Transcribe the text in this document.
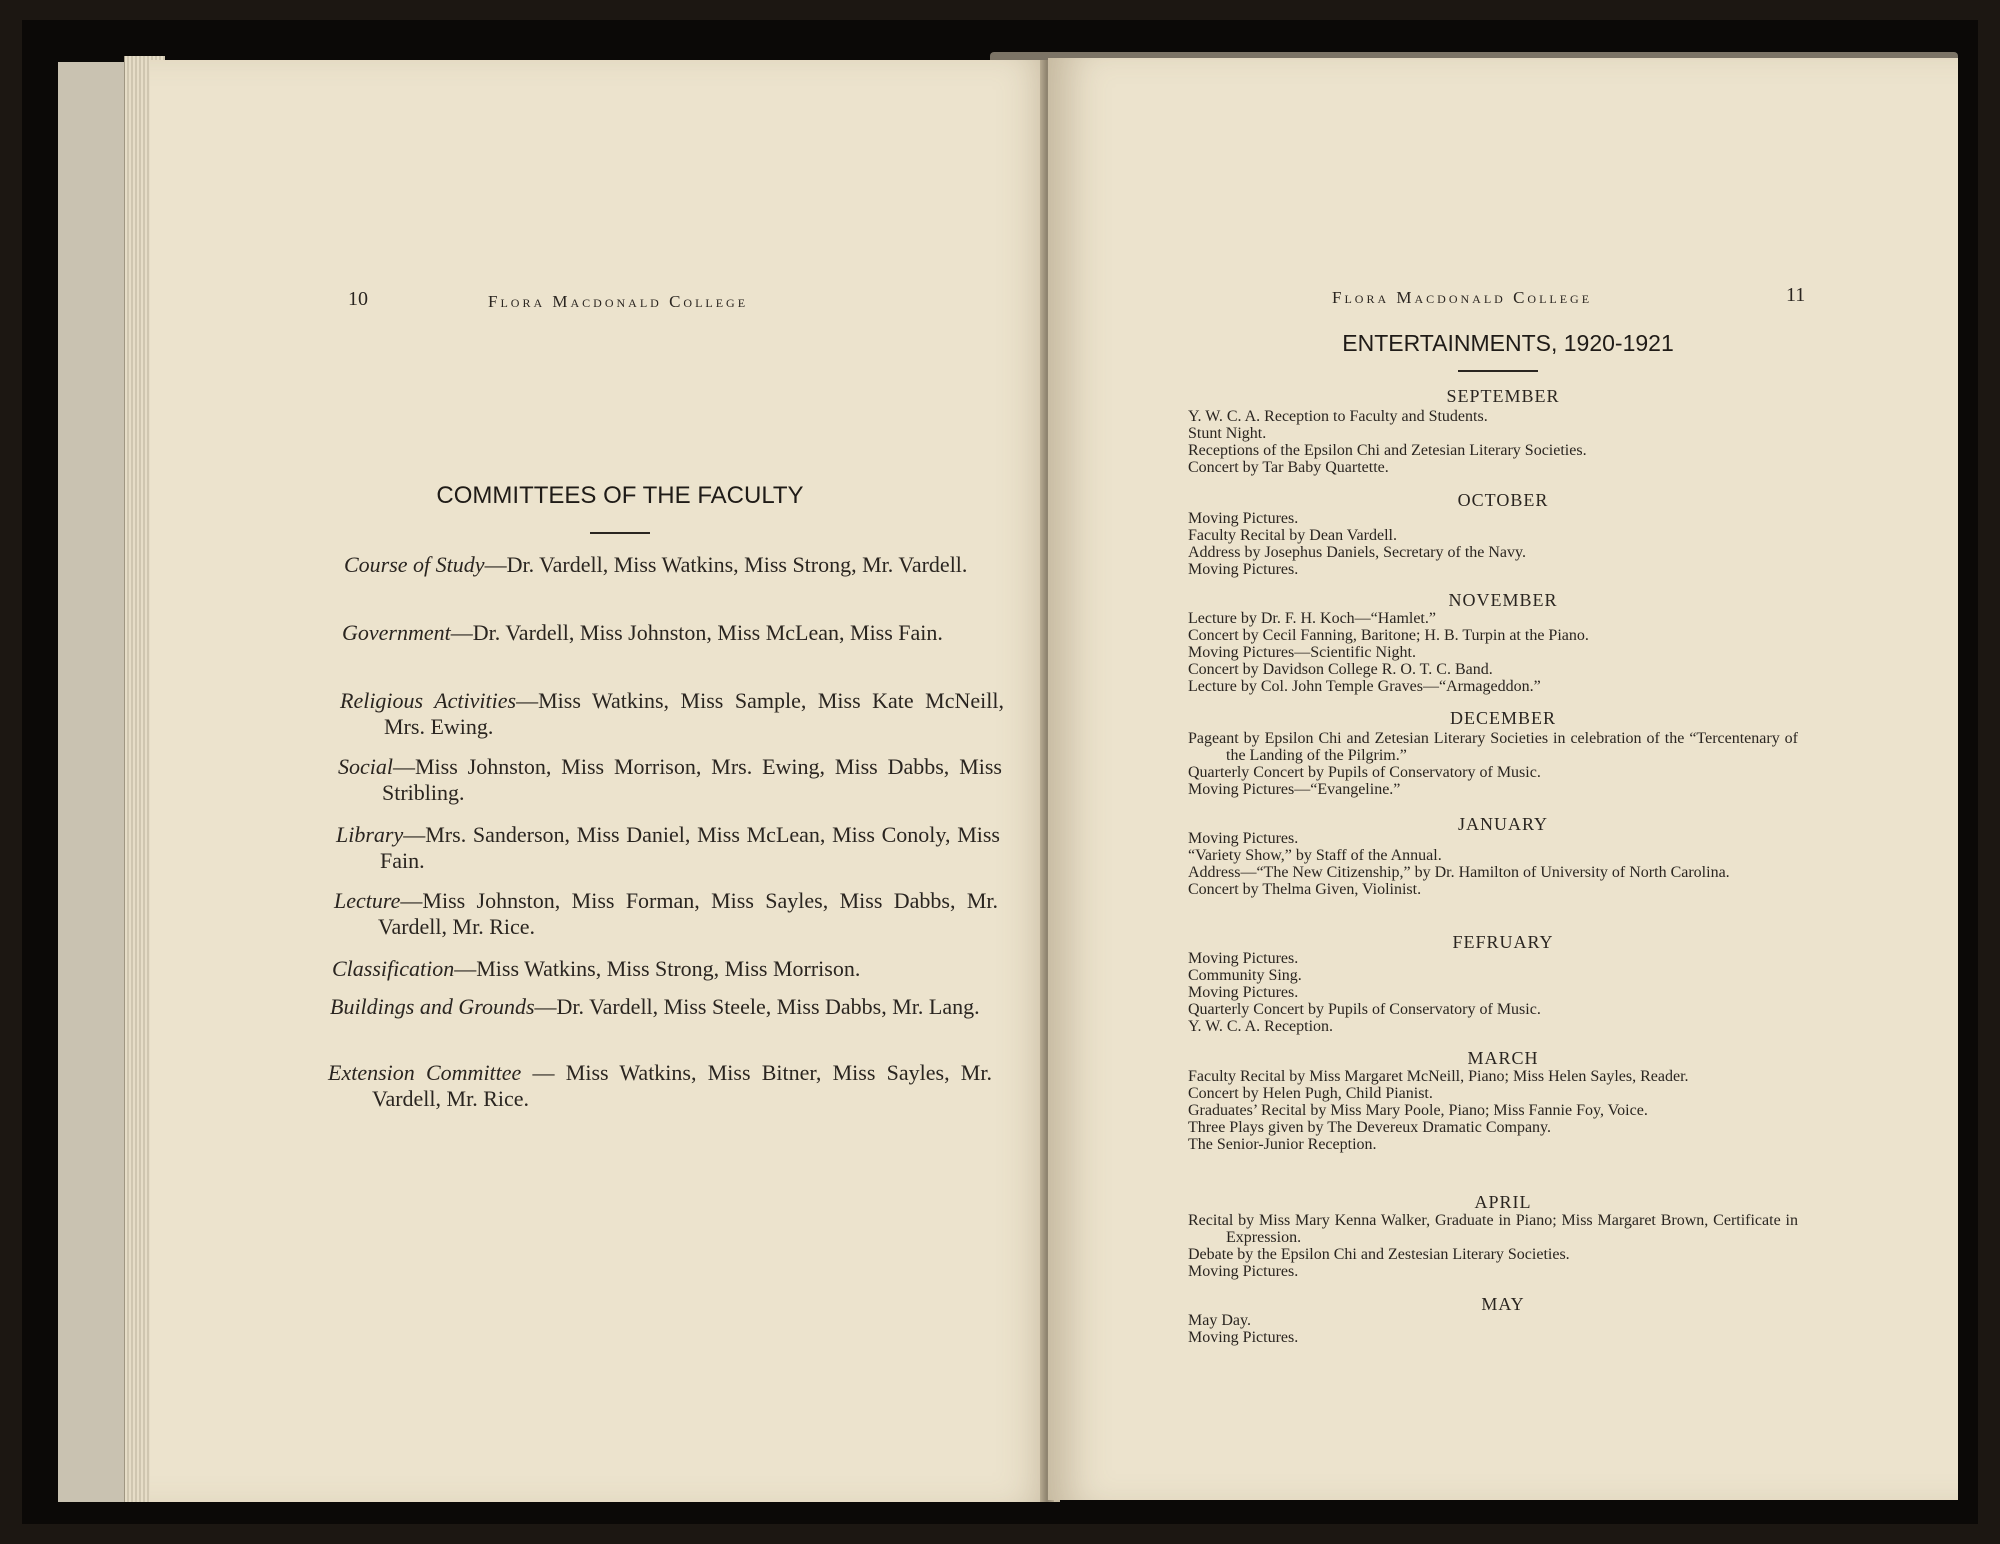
10	Flora Macdonald College
COMMITTEES OF THE FACULTY
Course of Study—Dr. Vardell, Miss Watkins, Miss Strong, Mr. Vardell.
Government—Dr. Vardell, Miss Johnston, Miss McLean, Miss Fain.
Religious Activities—Miss Watkins, Miss Sample, Miss Kate McNeill, Mrs. Ewing.
Social—Miss Johnston, Miss Morrison, Mrs. Ewing, Miss Dabbs, Miss Stribling.
Library—Mrs. Sanderson, Miss Daniel, Miss McLean, Miss Conoly, Miss Fain.
Lecture—Miss Johnston, Miss Forman, Miss Sayles, Miss Dabbs, Mr. Vardell, Mr. Rice.
Classification—Miss Watkins, Miss Strong, Miss Morrison.
Buildings and Grounds—Dr. Vardell, Miss Steele, Miss Dabbs, Mr. Lang.
Extension Committee — Miss Watkins, Miss Bitner, Miss Sayles, Mr. Vardell, Mr. Rice.
Flora Macdonald College	11
ENTERTAINMENTS, 1920-1921
SEPTEMBER
Y. W. C. A. Reception to Faculty and Students.
Stunt Night.
Receptions of the Epsilon Chi and Zetesian Literary Societies.
Concert by Tar Baby Quartette.
OCTOBER
Moving Pictures.
Faculty Recital by Dean Vardell.
Address by Josephus Daniels, Secretary of the Navy.
Moving Pictures.
NOVEMBER
Lecture by Dr. F. H. Koch—“Hamlet.”
Concert by Cecil Fanning, Baritone; H. B. Turpin at the Piano.
Moving Pictures—Scientific Night.
Concert by Davidson College R. O. T. C. Band.
Lecture by Col. John Temple Graves—“Armageddon.”
DECEMBER
Pageant by Epsilon Chi and Zetesian Literary Societies in celebration of the “Tercentenary of the Landing of the Pilgrim.”
Quarterly Concert by Pupils of Conservatory of Music.
Moving Pictures—“Evangeline.”
JANUARY
Moving Pictures.
“Variety Show,” by Staff of the Annual.
Address—“The New Citizenship,” by Dr. Hamilton of University of North Carolina.
Concert by Thelma Given, Violinist.
FEFRUARY
Moving Pictures.
Community Sing.
Moving Pictures.
Quarterly Concert by Pupils of Conservatory of Music.
Y. W. C. A. Reception.
MARCH
Faculty Recital by Miss Margaret McNeill, Piano; Miss Helen Sayles, Reader.
Concert by Helen Pugh, Child Pianist.
Graduates’ Recital by Miss Mary Poole, Piano; Miss Fannie Foy, Voice.
Three Plays given by The Devereux Dramatic Company.
The Senior-Junior Reception.
APRIL
Recital by Miss Mary Kenna Walker, Graduate in Piano; Miss Margaret Brown, Certificate in Expression.
Debate by the Epsilon Chi and Zestesian Literary Societies.
Moving Pictures.
MAY
May Day.
Moving Pictures.
